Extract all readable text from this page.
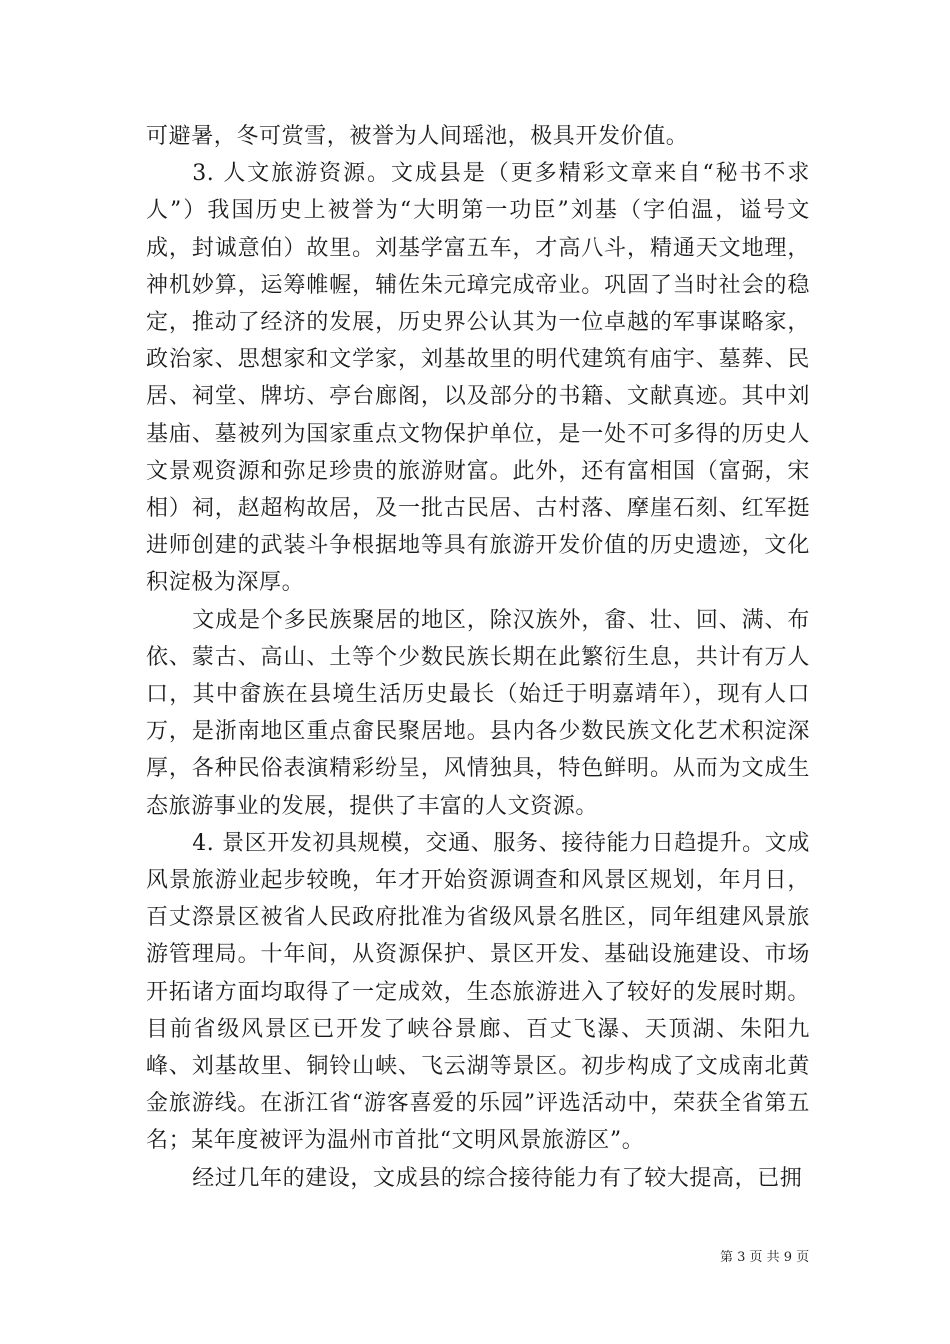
可避暑，冬可赏雪，被誉为人间瑶池，极具开发价值。

3. 人文旅游资源。文成县是（更多精彩文章来自“秘书不求人”）我国历史上被誉为“大明第一功臣”刘基（字伯温，谥号文成，封诚意伯）故里。刘基学富五车，才高八斗，精通天文地理，神机妙算，运筹帷幄，辅佐朱元璋完成帝业。巩固了当时社会的稳定，推动了经济的发展，历史界公认其为一位卓越的军事谋略家，政治家、思想家和文学家，刘基故里的明代建筑有庙宇、墓葬、民居、祠堂、牌坊、亭台廊阁，以及部分的书籍、文献真迹。其中刘基庙、墓被列为国家重点文物保护单位，是一处不可多得的历史人文景观资源和弥足珍贵的旅游财富。此外，还有富相国（富弼，宋相）祠，赵超构故居，及一批古民居、古村落、摩崖石刻、红军挺进师创建的武装斗争根据地等具有旅游开发价值的历史遗迹，文化积淀极为深厚。

文成是个多民族聚居的地区，除汉族外，畲、壮、回、满、布依、蒙古、高山、土等个少数民族长期在此繁衍生息，共计有万人口，其中畲族在县境生活历史最长（始迁于明嘉靖年），现有人口万，是浙南地区重点畲民聚居地。县内各少数民族文化艺术积淀深厚，各种民俗表演精彩纷呈，风情独具，特色鲜明。从而为文成生态旅游事业的发展，提供了丰富的人文资源。

4. 景区开发初具规模，交通、服务、接待能力日趋提升。文成风景旅游业起步较晚，年才开始资源调查和风景区规划，年月日，百丈漈景区被省人民政府批准为省级风景名胜区，同年组建风景旅游管理局。十年间，从资源保护、景区开发、基础设施建设、市场开拓诸方面均取得了一定成效，生态旅游进入了较好的发展时期。目前省级风景区已开发了峡谷景廊、百丈飞瀑、天顶湖、朱阳九峰、刘基故里、铜铃山峡、飞云湖等景区。初步构成了文成南北黄金旅游线。在浙江省“游客喜爱的乐园”评选活动中，荣获全省第五名；某年度被评为温州市首批“文明风景旅游区”。

经过几年的建设，文成县的综合接待能力有了较大提高，已拥

第 3 页 共 9 页
